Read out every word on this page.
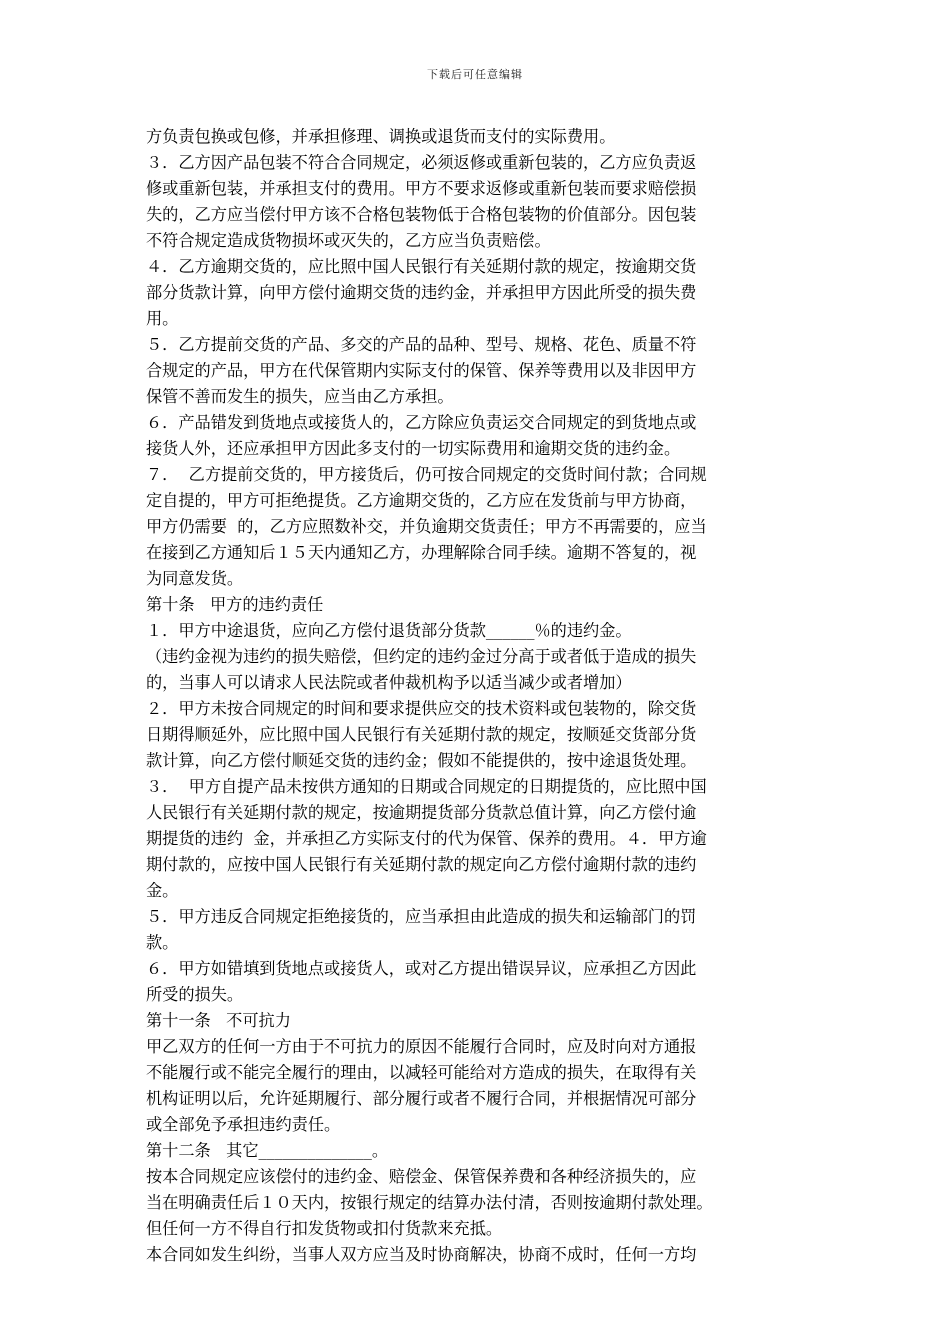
下载后可任意编辑
方负责包换或包修，并承担修理、调换或退货而支付的实际费用。
３．乙方因产品包装不符合合同规定，必须返修或重新包装的，乙方应负责返
修或重新包装，并承担支付的费用。甲方不要求返修或重新包装而要求赔偿损
失的，乙方应当偿付甲方该不合格包装物低于合格包装物的价值部分。因包装
不符合规定造成货物损坏或灭失的，乙方应当负责赔偿。
４．乙方逾期交货的，应比照中国人民银行有关延期付款的规定，按逾期交货
部分货款计算，向甲方偿付逾期交货的违约金，并承担甲方因此所受的损失费
用。
５．乙方提前交货的产品、多交的产品的品种、型号、规格、花色、质量不符
合规定的产品，甲方在代保管期内实际支付的保管、保养等费用以及非因甲方
保管不善而发生的损失，应当由乙方承担。
６．产品错发到货地点或接货人的，乙方除应负责运交合同规定的到货地点或
接货人外，还应承担甲方因此多支付的一切实际费用和逾期交货的违约金。
７．  乙方提前交货的，甲方接货后，仍可按合同规定的交货时间付款；合同规
定自提的，甲方可拒绝提货。乙方逾期交货的，乙方应在发货前与甲方协商，
甲方仍需要  的，乙方应照数补交，并负逾期交货责任；甲方不再需要的，应当
在接到乙方通知后１５天内通知乙方，办理解除合同手续。逾期不答复的，视
为同意发货。
第十条   甲方的违约责任
１．甲方中途退货，应向乙方偿付退货部分货款______％的违约金。
（违约金视为违约的损失赔偿，但约定的违约金过分高于或者低于造成的损失
的，当事人可以请求人民法院或者仲裁机构予以适当减少或者增加）
２．甲方未按合同规定的时间和要求提供应交的技术资料或包装物的，除交货
日期得顺延外，应比照中国人民银行有关延期付款的规定，按顺延交货部分货
款计算，向乙方偿付顺延交货的违约金；假如不能提供的，按中途退货处理。
３．  甲方自提产品未按供方通知的日期或合同规定的日期提货的，应比照中国
人民银行有关延期付款的规定，按逾期提货部分货款总值计算，向乙方偿付逾
期提货的违约  金，并承担乙方实际支付的代为保管、保养的费用。４．甲方逾
期付款的，应按中国人民银行有关延期付款的规定向乙方偿付逾期付款的违约
金。
５．甲方违反合同规定拒绝接货的，应当承担由此造成的损失和运输部门的罚
款。
６．甲方如错填到货地点或接货人，或对乙方提出错误异议，应承担乙方因此
所受的损失。
第十一条   不可抗力
甲乙双方的任何一方由于不可抗力的原因不能履行合同时，应及时向对方通报
不能履行或不能完全履行的理由，以减轻可能给对方造成的损失，在取得有关
机构证明以后，允许延期履行、部分履行或者不履行合同，并根据情况可部分
或全部免予承担违约责任。
第十二条   其它______________。
按本合同规定应该偿付的违约金、赔偿金、保管保养费和各种经济损失的，应
当在明确责任后１０天内，按银行规定的结算办法付清，否则按逾期付款处理。
但任何一方不得自行扣发货物或扣付货款来充抵。
本合同如发生纠纷，当事人双方应当及时协商解决，协商不成时，任何一方均
